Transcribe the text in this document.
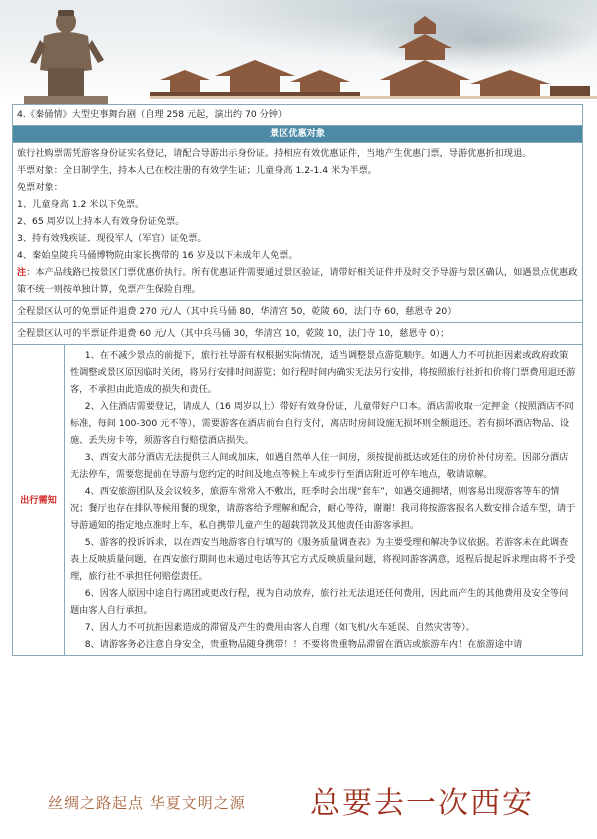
4.《秦俑情》大型史事舞台剧（自理 258 元起，演出约 70 分钟）
景区优惠对象

旅行社购票需凭游客身份证实名登记，请配合导游出示身份证。持相应有效优惠证件，当地产生优惠门票，导游优惠折扣现退。

半票对象：全日制学生，持本人已在校注册的有效学生证；儿童身高 1.2-1.4 米为半票。

免票对象：

1、儿童身高 1.2 米以下免票。

2、65 周岁以上持本人有效身份证免票。

3、持有效残疾证、现役军人（军官）证免票。

4、秦始皇陵兵马俑博物院由家长携带的 16 岁及以下未成年人免票。

注：本产品线路已按景区门票优惠价执行。所有优惠证件需要通过景区验证，请带好相关证件并及时交予导游与景区确认，如遇景点优惠政策不统一则按单独计算，免票产生保险自理。

全程景区认可的免票证件退费 270 元/人（其中兵马俑 80，华清宫 50，乾陵 60，法门寺 60，慈恩寺 20）
全程景区认可的半票证件退费 60 元/人（其中兵马俑 30，华清宫 10，乾陵 10，法门寺 10，慈恩寺 0）；
出行需知	

1、在不减少景点的前提下，旅行社导游有权根据实际情况，适当调整景点游览顺序。如遇人力不可抗拒因素或政府政策性调整或景区原因临时关闭，将另行安排时间游览；如行程时间内确实无法另行安排，将按照旅行社折扣价将门票费用退还游客，不承担由此造成的损失和责任。

2、入住酒店需要登记，请成人（16 周岁以上）带好有效身份证，儿童带好户口本。酒店需收取一定押金（按照酒店不同标准，每间 100-300 元不等），需要游客在酒店前台自行支付，离店时房间设施无损坏则全额退还。若有损坏酒店物品、设施、丢失房卡等，须游客自行赔偿酒店损失。

3、西安大部分酒店无法提供三人间或加床，如遇自然单人住一间房，须按提前抵达或延住的房价补付房差。因部分酒店无法停车，需要您提前在导游与您约定的时间及地点等候上车或步行至酒店附近可停车地点，敬请谅解。

4、西安旅游团队及会议较多，旅游车常常入不敷出，旺季时会出现“套车”，如遇交通拥堵，则客易出现游客等车的情况；餐厅也存在排队等候用餐的现象，请游客给予理解和配合，耐心等待，谢谢！我司将按游客报名人数安排合适车型，请于导游通知的指定地点准时上车，私自携带儿童产生的超载罚款及其他责任由游客承担。

5、游客的投诉诉求，以在西安当地游客自行填写的《服务质量调查表》为主要受理和解决争议依据。若游客未在此调查表上反映质量问题，在西安旅行期间也未通过电话等其它方式反映质量问题，将视同游客满意，返程后提起诉求理由将不予受理，旅行社不承担任何赔偿责任。

6、因客人原因中途自行离团或更改行程，视为自动放弃，旅行社无法退还任何费用，因此而产生的其他费用及安全等问题由客人自行承担。

7、因人力不可抗拒因素造成的滞留及产生的费用由客人自理（如飞机/火车延误、自然灾害等）。

8、请游客务必注意自身安全，贵重物品随身携带！！不要将贵重物品滞留在酒店或旅游车内！在旅游途中请

丝绸之路起点 华夏文明之源 总要去一次西安
